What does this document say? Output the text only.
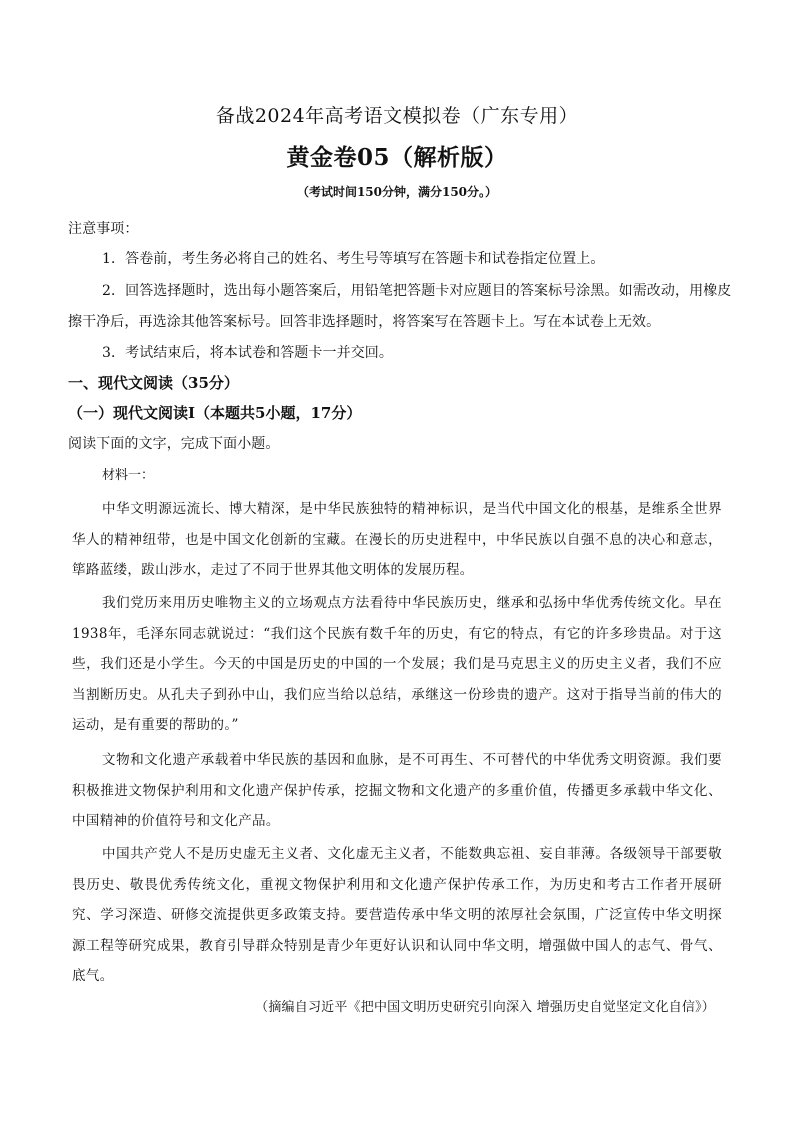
备战2024年高考语文模拟卷（广东专用）
黄金卷05（解析版）
（考试时间150分钟，满分150分。）
注意事项：
1．答卷前，考生务必将自己的姓名、考生号等填写在答题卡和试卷指定位置上。
2．回答选择题时，选出每小题答案后，用铅笔把答题卡对应题目的答案标号涂黑。如需改动，用橡皮
擦干净后，再选涂其他答案标号。回答非选择题时，将答案写在答题卡上。写在本试卷上无效。
3．考试结束后，将本试卷和答题卡一并交回。
一、现代文阅读（35分）
（一）现代文阅读Ⅰ（本题共5小题，17分）
阅读下面的文字，完成下面小题。
材料一：

中华文明源远流长、博大精深，是中华民族独特的精神标识，是当代中国文化的根基，是维系全世界华人的精神纽带，也是中国文化创新的宝藏。在漫长的历史进程中，中华民族以自强不息的决心和意志，筚路蓝缕，跋山涉水，走过了不同于世界其他文明体的发展历程。

我们党历来用历史唯物主义的立场观点方法看待中华民族历史，继承和弘扬中华优秀传统文化。早在1938年，毛泽东同志就说过：“我们这个民族有数千年的历史，有它的特点，有它的许多珍贵品。对于这些，我们还是小学生。今天的中国是历史的中国的一个发展；我们是马克思主义的历史主义者，我们不应当割断历史。从孔夫子到孙中山，我们应当给以总结，承继这一份珍贵的遗产。这对于指导当前的伟大的运动，是有重要的帮助的。”

文物和文化遗产承载着中华民族的基因和血脉，是不可再生、不可替代的中华优秀文明资源。我们要积极推进文物保护利用和文化遗产保护传承，挖掘文物和文化遗产的多重价值，传播更多承载中华文化、中国精神的价值符号和文化产品。

中国共产党人不是历史虚无主义者、文化虚无主义者，不能数典忘祖、妄自菲薄。各级领导干部要敬畏历史、敬畏优秀传统文化，重视文物保护利用和文化遗产保护传承工作，为历史和考古工作者开展研究、学习深造、研修交流提供更多政策支持。要营造传承中华文明的浓厚社会氛围，广泛宣传中华文明探源工程等研究成果，教育引导群众特别是青少年更好认识和认同中华文明，增强做中国人的志气、骨气、底气。

（摘编自习近平《把中国文明历史研究引向深入 增强历史自觉坚定文化自信》）
